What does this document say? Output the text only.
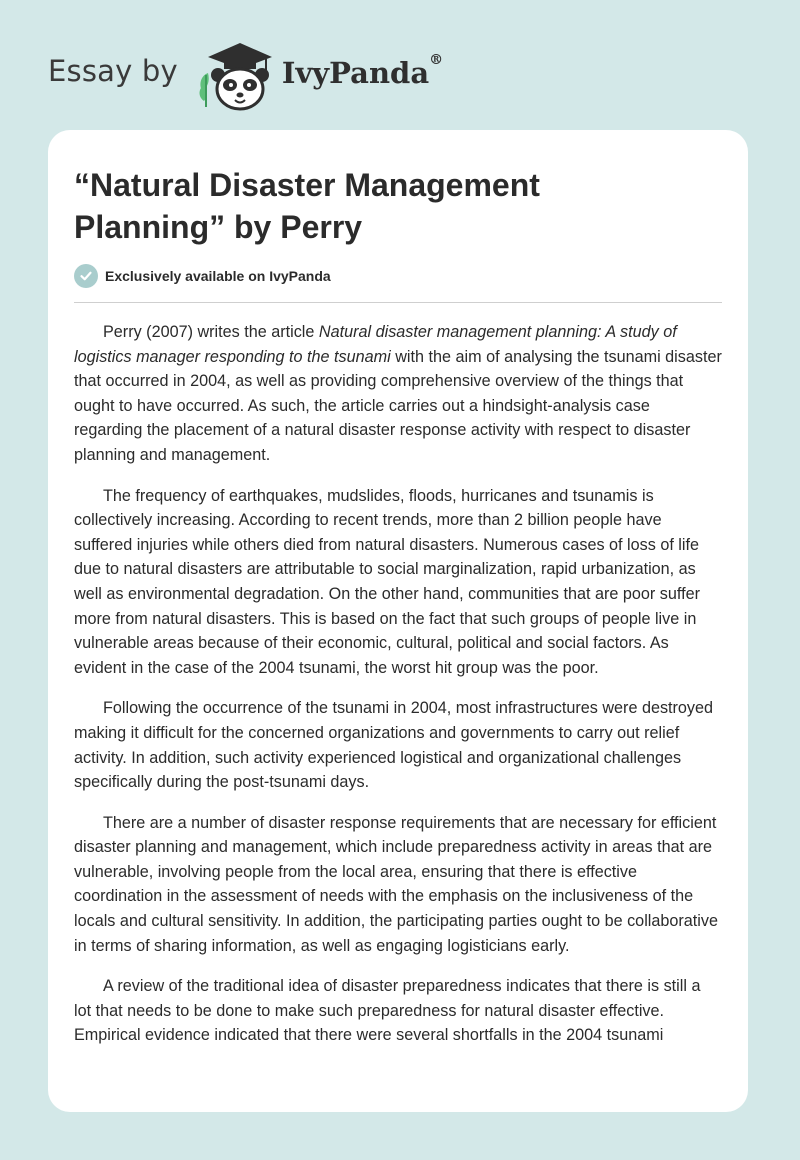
Essay by	IvyPanda®
“Natural Disaster Management Planning” by Perry
Exclusively available on IvyPanda

Perry (2007) writes the article Natural disaster management planning: A study of logistics manager responding to the tsunami with the aim of analysing the tsunami disaster that occurred in 2004, as well as providing comprehensive overview of the things that ought to have occurred. As such, the article carries out a hindsight-analysis case regarding the placement of a natural disaster response activity with respect to disaster planning and management.

The frequency of earthquakes, mudslides, floods, hurricanes and tsunamis is collectively increasing. According to recent trends, more than 2 billion people have suffered injuries while others died from natural disasters. Numerous cases of loss of life due to natural disasters are attributable to social marginalization, rapid urbanization, as well as environmental degradation. On the other hand, communities that are poor suffer more from natural disasters. This is based on the fact that such groups of people live in vulnerable areas because of their economic, cultural, political and social factors. As evident in the case of the 2004 tsunami, the worst hit group was the poor.

Following the occurrence of the tsunami in 2004, most infrastructures were destroyed making it difficult for the concerned organizations and governments to carry out relief activity. In addition, such activity experienced logistical and organizational challenges specifically during the post-tsunami days.

There are a number of disaster response requirements that are necessary for efficient disaster planning and management, which include preparedness activity in areas that are vulnerable, involving people from the local area, ensuring that there is effective coordination in the assessment of needs with the emphasis on the inclusiveness of the locals and cultural sensitivity. In addition, the participating parties ought to be collaborative in terms of sharing information, as well as engaging logisticians early.

A review of the traditional idea of disaster preparedness indicates that there is still a lot that needs to be done to make such preparedness for natural disaster effective. Empirical evidence indicated that there were several shortfalls in the 2004 tsunami
